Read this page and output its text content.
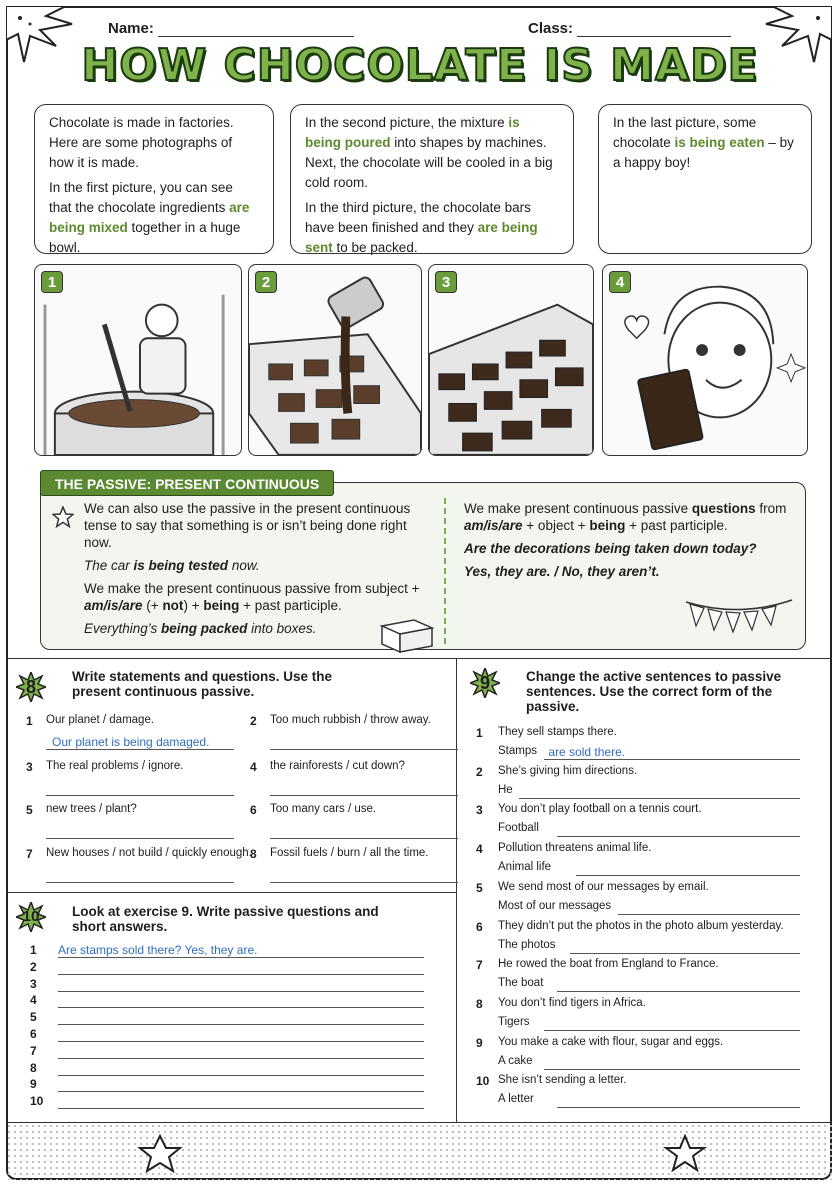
Name:	Class:
HOW CHOCOLATE IS MADE

Chocolate is made in factories. Here are some photographs of how it is made.

In the first picture, you can see that the chocolate ingredients are being mixed together in a huge bowl.

In the second picture, the mixture is being poured into shapes by machines. Next, the chocolate will be cooled in a big cold room.

In the third picture, the chocolate bars have been finished and they are being sent to be packed.

In the last picture, some chocolate is being eaten – by a happy boy!

1	2	3	4
THE PASSIVE: PRESENT CONTINUOUS

We can also use the passive in the present continuous tense to say that something is or isn’t being done right now.

The car is being tested now.

We make the present continuous passive from subject + am/is/are (+ not) + being + past participle.

Everything’s being packed into boxes.

We make present continuous passive questions from am/is/are + object + being + past participle.

Are the decorations being taken down today?

Yes, they are. / No, they aren’t.

8
Write statements and questions. Use the present continuous passive.
1 Our planet / damage.
Our planet is being damaged.
2 Too much rubbish / throw away.
3 The real problems / ignore.	4 the rainforests / cut down?
5 new trees / plant?	6 Too many cars / use.
7 New houses / not build / quickly enough.
8 Fossil fuels / burn / all the time.
9	Change the active sentences to passive sentences. Use the correct form of the passive.
1 They sell stamps there.
Stamps are sold there.
2 She’s giving him directions.
He
3 You don’t play football on a tennis court.
Football
4 Pollution threatens animal life.
Animal life
5 We send most of our messages by email.
Most of our messages
6 They didn’t put the photos in the photo album yesterday.
The photos
7 He rowed the boat from England to France.
The boat
8 You don’t find tigers in Africa.
Tigers
9 You make a cake with flour, sugar and eggs.
A cake
10 She isn’t sending a letter.
A letter
10	Look at exercise 9. Write passive questions and short answers.
1 Are stamps sold there? Yes, they are.
2
3
4
5
6
7
8
9
10
